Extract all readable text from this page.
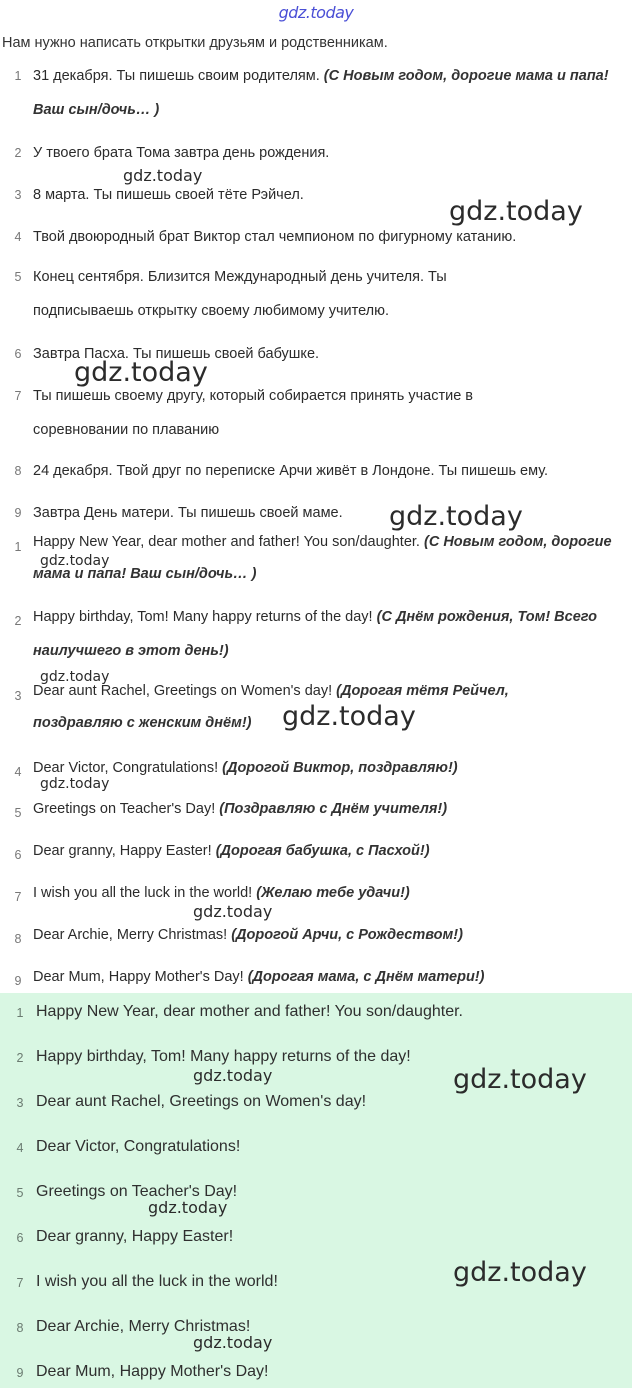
gdz.today
Нам нужно написать открытки друзьям и родственникам.
1 31 декабря. Ты пишешь своим родителям. (С Новым годом, дорогие мама и папа! Ваш сын/дочь… )
2 У твоего брата Тома завтра день рождения.
3 8 марта. Ты пишешь своей тёте Рэйчел.
4 Твой двоюродный брат Виктор стал чемпионом по фигурному катанию.
5 Конец сентября. Близится Международный день учителя. Ты подписываешь открытку своему любимому учителю.
6 Завтра Пасха. Ты пишешь своей бабушке.
7 Ты пишешь своему другу, который собирается принять участие в соревновании по плаванию
8 24 декабря. Твой друг по переписке Арчи живёт в Лондоне. Ты пишешь ему.
9 Завтра День матери. Ты пишешь своей маме.
1 Happy New Year, dear mother and father! You son/daughter. (С Новым годом, дорогие мама и папа! Ваш сын/дочь… )
2 Happy birthday, Tom! Many happy returns of the day! (С Днём рождения, Том! Всего наилучшего в этот день!)
3 Dear aunt Rachel, Greetings on Women's day! (Дорогая тётя Рейчел, поздравляю с женским днём!)
4 Dear Victor, Congratulations! (Дорогой Виктор, поздравляю!)
5 Greetings on Teacher's Day! (Поздравляю с Днём учителя!)
6 Dear granny, Happy Easter! (Дорогая бабушка, с Пасхой!)
7 I wish you all the luck in the world! (Желаю тебе удачи!)
8 Dear Archie, Merry Christmas! (Дорогой Арчи, с Рождеством!)
9 Dear Mum, Happy Mother's Day! (Дорогая мама, с Днём матери!)
1 Happy New Year, dear mother and father! You son/daughter.
2 Happy birthday, Tom! Many happy returns of the day!
3 Dear aunt Rachel, Greetings on Women's day!
4 Dear Victor, Congratulations!
5 Greetings on Teacher's Day!
6 Dear granny, Happy Easter!
7 I wish you all the luck in the world!
8 Dear Archie, Merry Christmas!
9 Dear Mum, Happy Mother's Day!
gdz.today
gdz.today
gdz.today
gdz.today
gdz.today
gdz.today
gdz.today
gdz.today
gdz.today
gdz.today	gdz.today
gdz.today
gdz.today
gdz.today
